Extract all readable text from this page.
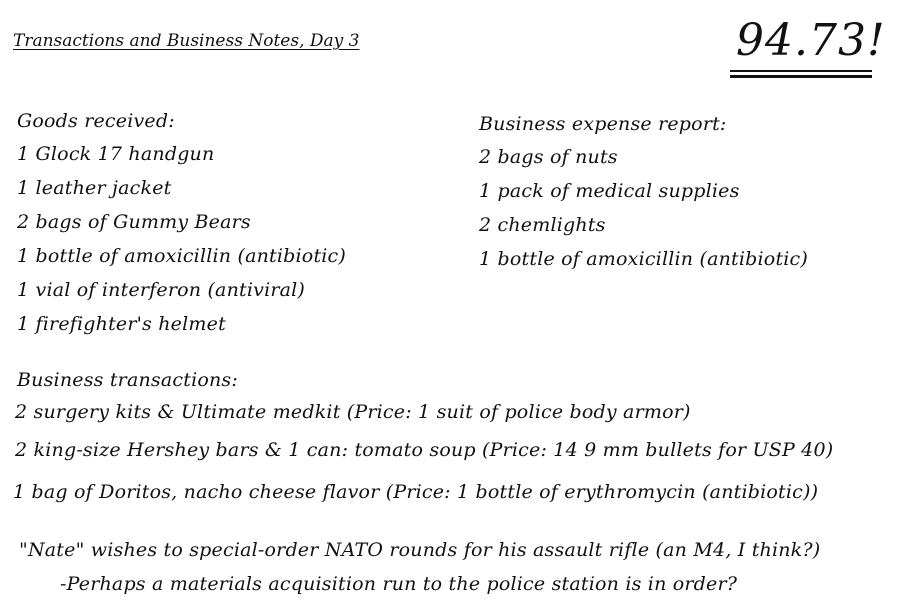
Transactions and Business Notes, Day 3	94.73!
Goods received:
1 Glock 17 handgun
1 leather jacket
2 bags of Gummy Bears
1 bottle of amoxicillin (antibiotic)
1 vial of interferon (antiviral)
1 firefighter's helmet
Business expense report:
2 bags of nuts
1 pack of medical supplies
2 chemlights
1 bottle of amoxicillin (antibiotic)
Business transactions:
2 surgery kits & Ultimate medkit (Price: 1 suit of police body armor)
2 king-size Hershey bars & 1 can: tomato soup (Price: 14 9 mm bullets for USP 40)
1 bag of Doritos, nacho cheese flavor (Price: 1 bottle of erythromycin (antibiotic))
"Nate" wishes to special-order NATO rounds for his assault rifle (an M4, I think?)
-Perhaps a materials acquisition run to the police station is in order?
